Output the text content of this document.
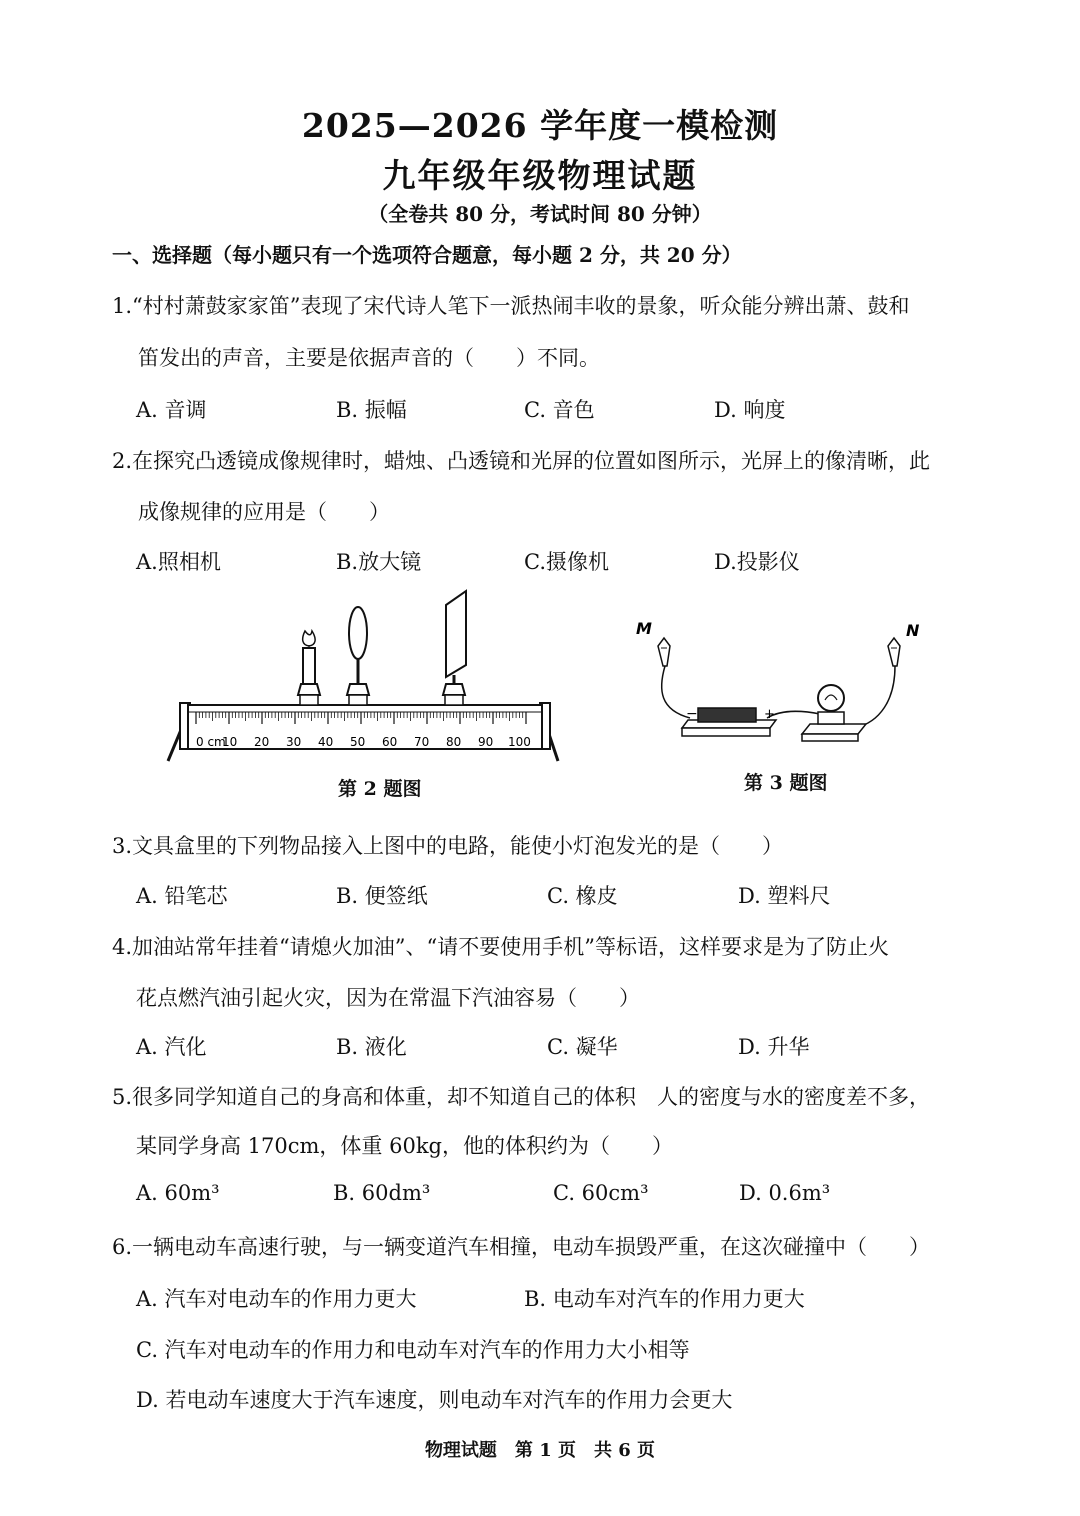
2025—2026 学年度一模检测
九年级年级物理试题
（全卷共 80 分，考试时间 80 分钟）
一、选择题（每小题只有一个选项符合题意，每小题 2 分，共 20 分）
1.“村村萧鼓家家笛”表现了宋代诗人笔下一派热闹丰收的景象，听众能分辨出萧、鼓和
笛发出的声音，主要是依据声音的（　　）不同。
A. 音调	B. 振幅	C. 音色	D. 响度
2.在探究凸透镜成像规律时，蜡烛、凸透镜和光屏的位置如图所示，光屏上的像清晰，此
成像规律的应用是（　　）
A.照相机	B.放大镜	C.摄像机	D.投影仪
0 cm
10 20 30 40 50 60 70 80 90 100
第 2 题图
M	N
−	+
第 3 题图
3.文具盒里的下列物品接入上图中的电路，能使小灯泡发光的是（　　）
A. 铅笔芯	B. 便签纸	C. 橡皮	D. 塑料尺
4.加油站常年挂着“请熄火加油”、“请不要使用手机”等标语，这样要求是为了防止火
花点燃汽油引起火灾，因为在常温下汽油容易（　　）
A. 汽化	B. 液化	C. 凝华	D. 升华
5.很多同学知道自己的身高和体重，却不知道自己的体积　人的密度与水的密度差不多，
某同学身高 170cm，体重 60kg，他的体积约为（　　）
A. 60m³	B. 60dm³	C. 60cm³	D. 0.6m³
6.一辆电动车高速行驶，与一辆变道汽车相撞，电动车损毁严重，在这次碰撞中（　　）
A. 汽车对电动车的作用力更大	B. 电动车对汽车的作用力更大
C. 汽车对电动车的作用力和电动车对汽车的作用力大小相等
D. 若电动车速度大于汽车速度，则电动车对汽车的作用力会更大
物理试题　第 1 页　共 6 页
